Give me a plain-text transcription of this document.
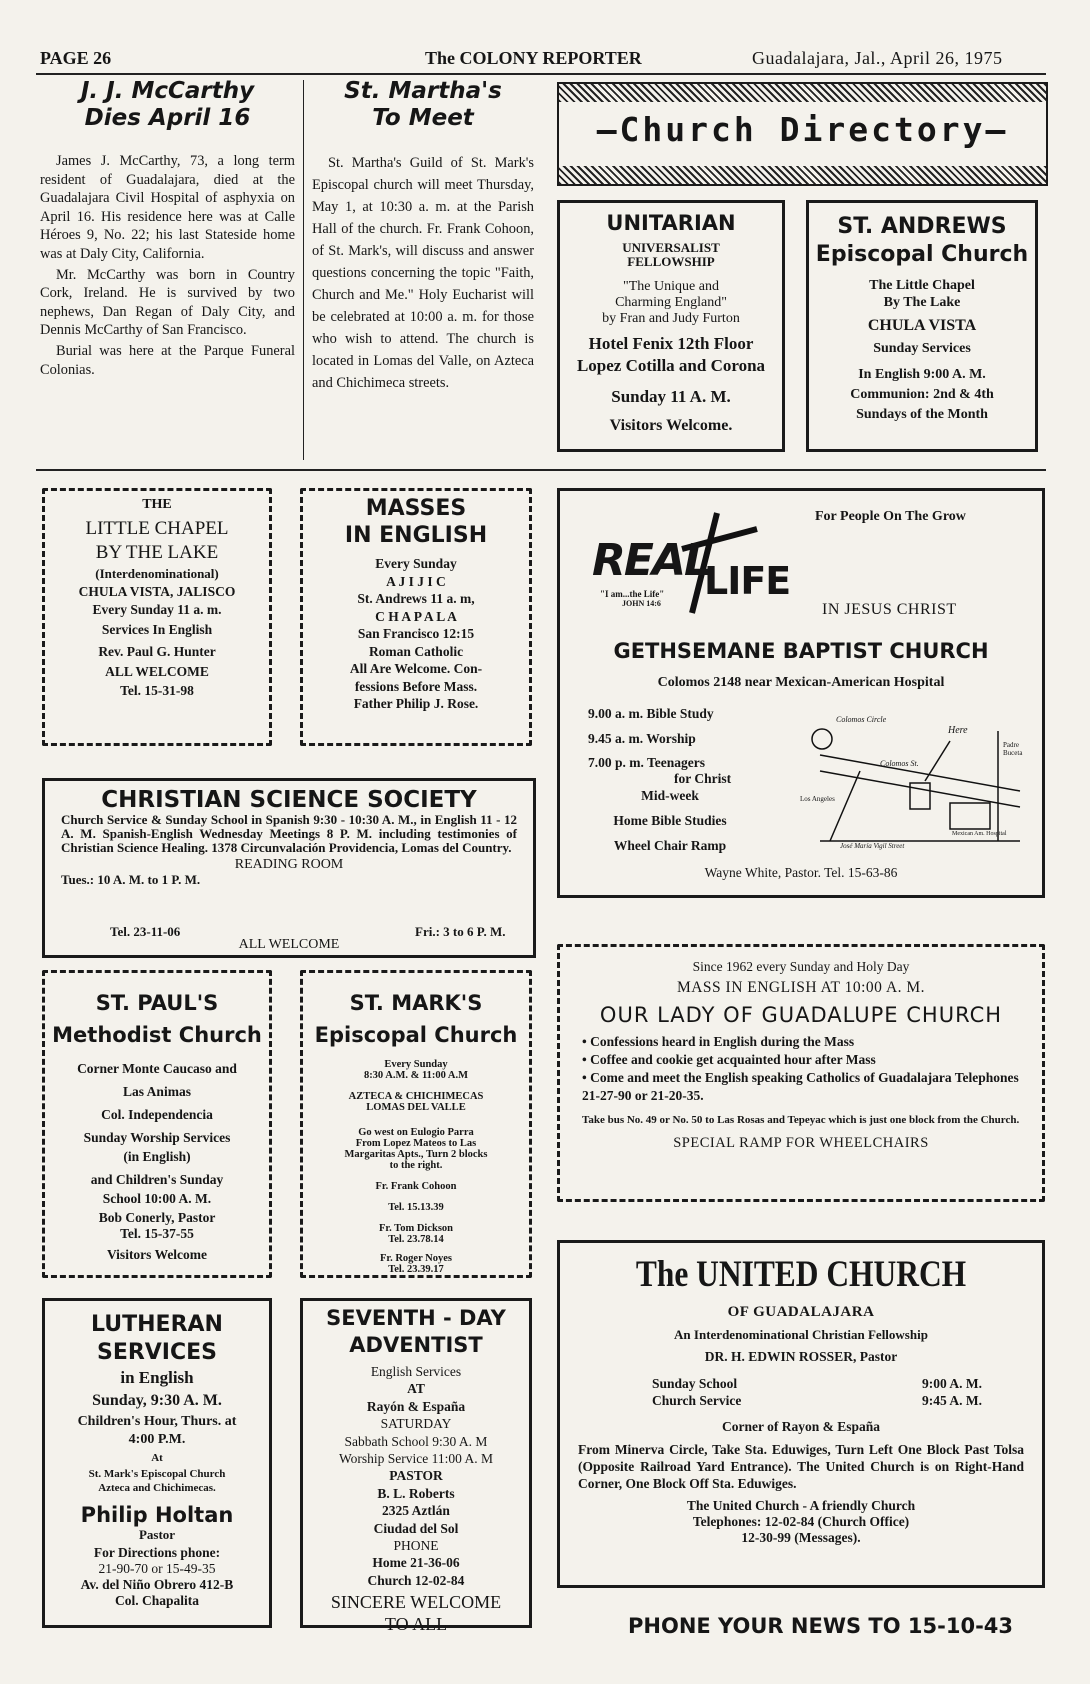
PAGE 26	The COLONY REPORTER	Guadalajara, Jal., April 26, 1975
J. J. McCarthy
Dies April 16
James J. McCarthy, 73, a long term resident of Guadalajara, died at the Guadalajara Civil Hospital of asphyxia on April 16. His residence here was at Calle Héroes 9, No. 22; his last Stateside home was at Daly City, California.
Mr. McCarthy was born in Country Cork, Ireland. He is survived by two nephews, Dan Regan of Daly City, and Dennis McCarthy of San Francisco.
Burial was here at the Parque Funeral Colonias.
St. Martha's
To Meet
St. Martha's Guild of St. Mark's Episcopal church will meet Thursday, May 1, at 10:30 a. m. at the Parish Hall of the church. Fr. Frank Cohoon, of St. Mark's, will discuss and answer questions concerning the topic "Faith, Church and Me." Holy Eucharist will be celebrated at 10:00 a. m. for those who wish to attend. The church is located in Lomas del Valle, on Azteca and Chichimeca streets.
—Church Directory—
UNITARIAN
UNIVERSALIST
FELLOWSHIP
"The Unique and
Charming England"
by Fran and Judy Furton
Hotel Fenix 12th Floor
Lopez Cotilla and Corona
Sunday 11 A. M.
Visitors Welcome.
ST. ANDREWS
Episcopal Church
The Little Chapel
By The Lake
CHULA VISTA
Sunday Services
In English 9:00 A. M.
Communion: 2nd & 4th
Sundays of the Month
THE
LITTLE CHAPEL
BY THE LAKE
(Interdenominational)
CHULA VISTA, JALISCO
Every Sunday 11 a. m.
Services In English
Rev. Paul G. Hunter
ALL WELCOME
Tel. 15-31-98
MASSES
IN ENGLISH
Every Sunday
A J I J I C
St. Andrews 11 a. m,
C H A P A L A
San Francisco 12:15
Roman Catholic
All Are Welcome. Con-
fessions Before Mass.
Father Philip J. Rose.
For People On The Grow
REAL
LIFE
"I am...the Life"
JOHN 14:6	IN JESUS CHRIST
GETHSEMANE BAPTIST CHURCH
Colomos 2148 near Mexican-American Hospital
9.00 a. m. Bible Study
9.45 a. m. Worship
7.00 p. m. Teenagers
for Christ
Mid-week
Home Bible Studies
Wheel Chair Ramp
Colomos Circle
Colomos St.
Here
Los Angeles
Mexican Am. Hospital
José María Vigil Street
Padre Buceta
Wayne White, Pastor. Tel. 15-63-86
CHRISTIAN SCIENCE SOCIETY
Church Service & Sunday School in Spanish 9:30 - 10:30 A. M., in English 11 - 12 A. M. Spanish-English Wednesday Meetings 8 P. M. including testimonies of Christian Science Healing. 1378 Circunvalación Providencia, Lomas del Country.
READING ROOM
Tues.: 10 A. M. to 1 P. M.
Tel. 23-11-06	Fri.: 3 to 6 P. M.
ALL WELCOME
Since 1962 every Sunday and Holy Day
MASS IN ENGLISH AT 10:00 A. M.
OUR LADY OF GUADALUPE CHURCH
• Confessions heard in English during the Mass
• Coffee and cookie get acquainted hour after Mass
• Come and meet the English speaking Catholics of Guadalajara Telephones 21-27-90 or 21-20-35.
Take bus No. 49 or No. 50 to Las Rosas and Tepeyac which is just one block from the Church.
SPECIAL RAMP FOR WHEELCHAIRS
ST. PAUL'S
Methodist Church
Corner Monte Caucaso and
Las Animas
Col. Independencia
Sunday Worship Services
(in English)
and Children's Sunday
School 10:00 A. M.
Bob Conerly, Pastor
Tel. 15-37-55
Visitors Welcome
ST. MARK'S
Episcopal Church
Every Sunday
8:30 A.M. & 11:00 A.M
AZTECA & CHICHIMECAS
LOMAS DEL VALLE
Go west on Eulogio Parra
From Lopez Mateos to Las
Margaritas Apts., Turn 2 blocks
to the right.
Fr. Frank Cohoon
Tel. 15.13.39
Fr. Tom Dickson
Tel. 23.78.14
Fr. Roger Noyes
Tel. 23.39.17
LUTHERAN
SERVICES
in English
Sunday, 9:30 A. M.
Children's Hour, Thurs. at
4:00 P.M.
At
St. Mark's Episcopal Church
Azteca and Chichimecas.
Philip Holtan
Pastor
For Directions phone:
21-90-70 or 15-49-35
Av. del Niño Obrero 412-B
Col. Chapalita
SEVENTH - DAY
ADVENTIST
English Services
AT
Rayón & España
SATURDAY
Sabbath School 9:30 A. M
Worship Service 11:00 A. M
PASTOR
B. L. Roberts
2325 Aztlán
Ciudad del Sol
PHONE
Home 21-36-06
Church 12-02-84
SINCERE WELCOME
TO ALL
The UNITED CHURCH
OF GUADALAJARA
An Interdenominational Christian Fellowship
DR. H. EDWIN ROSSER, Pastor
Sunday School	9:00 A. M.
Church Service	9:45 A. M.
Corner of Rayon & España
From Minerva Circle, Take Sta. Eduwiges, Turn Left One Block Past Tolsa (Opposite Railroad Yard Entrance). The United Church is on Right-Hand Corner, One Block Off Sta. Eduwiges.
The United Church - A friendly Church
Telephones: 12-02-84 (Church Office)
12-30-99 (Messages).
PHONE YOUR NEWS TO 15-10-43
